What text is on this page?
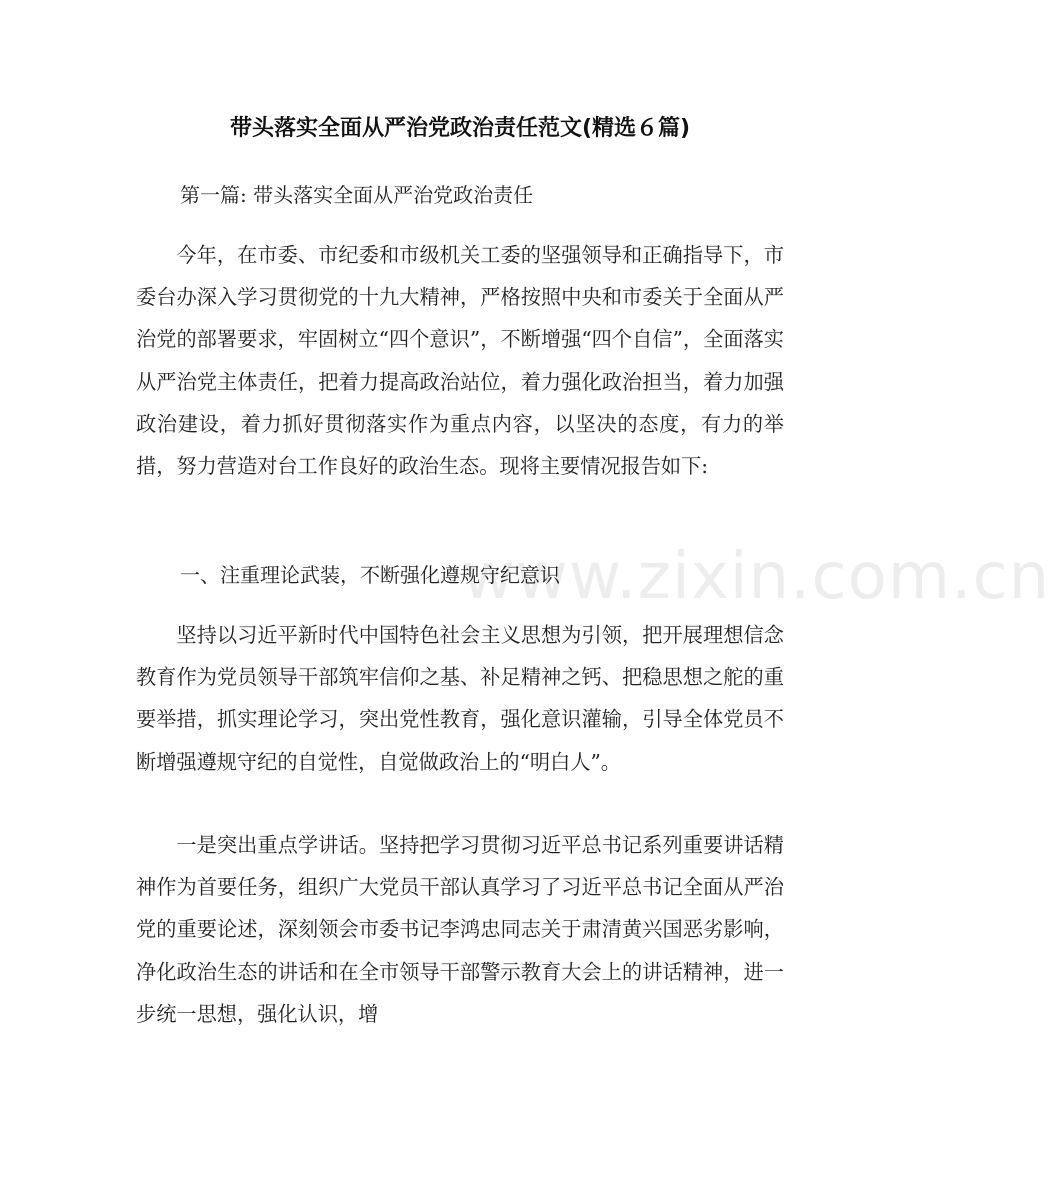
带头落实全面从严治党政治责任范文(精选６篇)

第一篇: 带头落实全面从严治党政治责任

今年，在市委、市纪委和市级机关工委的坚强领导和正确指导下，市委台办深入学习贯彻党的十九大精神，严格按照中央和市委关于全面从严治党的部署要求，牢固树立“四个意识”，不断增强“四个自信”，全面落实从严治党主体责任，把着力提高政治站位，着力强化政治担当，着力加强政治建设，着力抓好贯彻落实作为重点内容，以坚决的态度，有力的举措，努力营造对台工作良好的政治生态。现将主要情况报告如下:

一、注重理论武装，不断强化遵规守纪意识

www.zixin.com.cn

坚持以习近平新时代中国特色社会主义思想为引领，把开展理想信念教育作为党员领导干部筑牢信仰之基、补足精神之钙、把稳思想之舵的重要举措，抓实理论学习，突出党性教育，强化意识灌输，引导全体党员不断增强遵规守纪的自觉性，自觉做政治上的“明白人”。

一是突出重点学讲话。坚持把学习贯彻习近平总书记系列重要讲话精神作为首要任务，组织广大党员干部认真学习了习近平总书记全面从严治党的重要论述，深刻领会市委书记李鸿忠同志关于肃清黄兴国恶劣影响，净化政治生态的讲话和在全市领导干部警示教育大会上的讲话精神，进一步统一思想，强化认识，增
